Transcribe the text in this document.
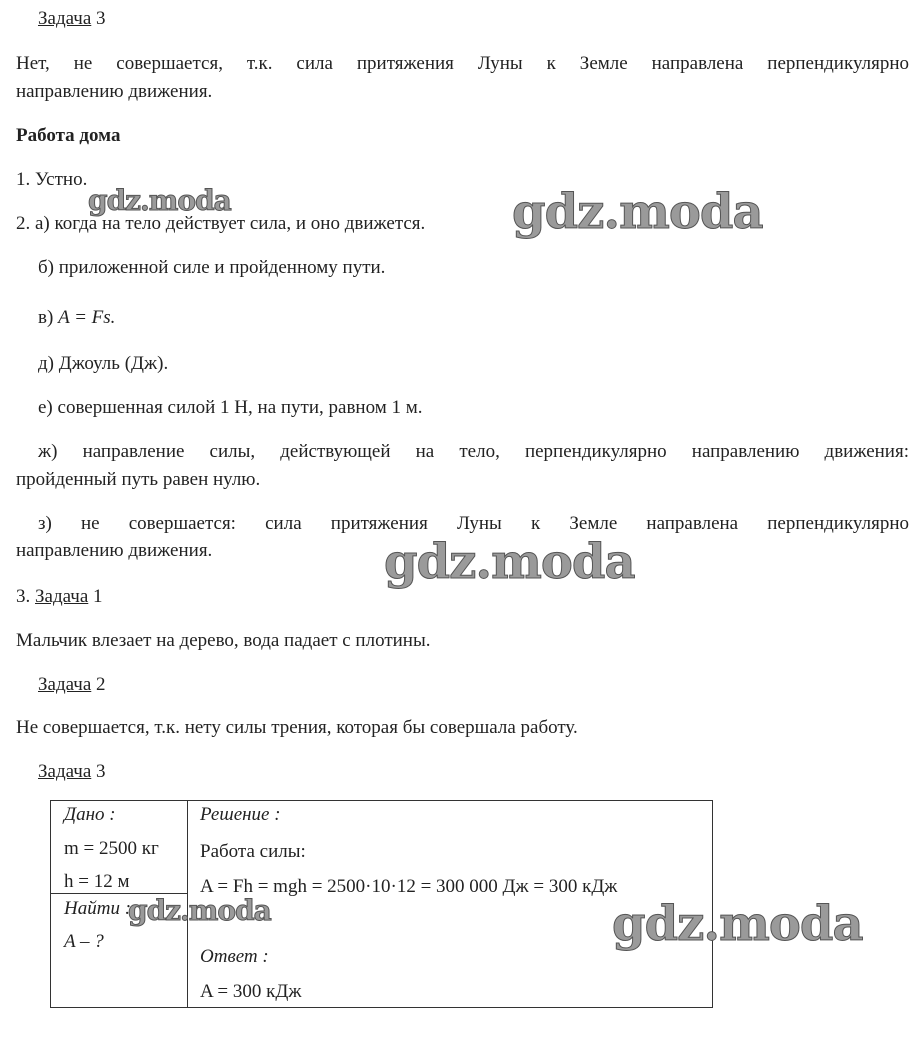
Задача 3
Нет, не совершается, т.к. сила притяжения Луны к Земле направлена перпендикулярно
направлению движения.
Работа дома
1. Устно.
2. а) когда на тело действует сила, и оно движется.
б) приложенной силе и пройденному пути.
в) A = Fs.
д) Джоуль (Дж).
е) совершенная силой 1 Н, на пути, равном 1 м.
ж) направление силы, действующей на тело, перпендикулярно направлению движения:
пройденный путь равен нулю.
з) не совершается: сила притяжения Луны к Земле направлена перпендикулярно
направлению движения.
3. Задача 1
Мальчик влезает на дерево, вода падает с плотины.
Задача 2
Не совершается, т.к. нету силы трения, которая бы совершала работу.
Задача 3
Дано :
m = 2500 кг
h = 12 м
Найти :
A – ?
Решение :
Работа силы:
A = Fh = mgh = 2500·10·12 = 300 000 Дж = 300 кДж
Ответ :
A = 300 кДж
gdz.moda	gdz.moda
gdz.moda
gdz.moda	gdz.moda
